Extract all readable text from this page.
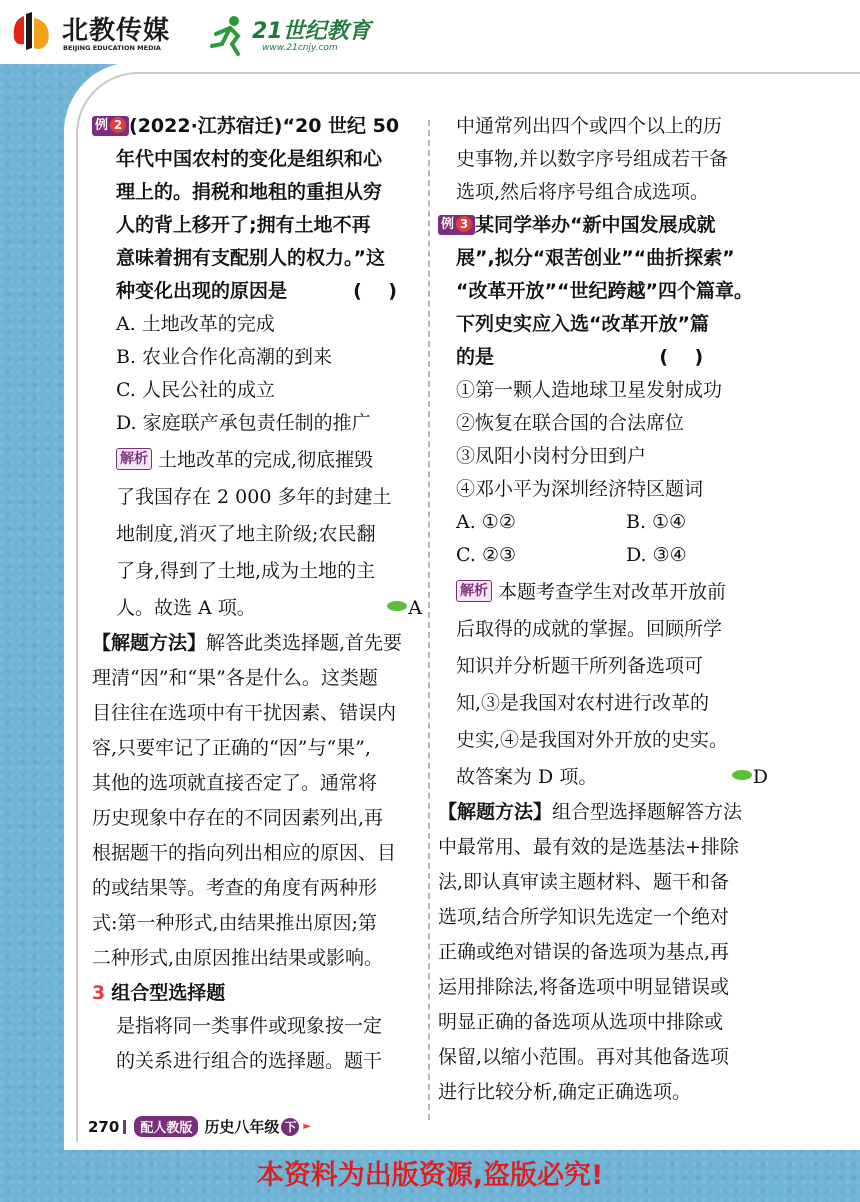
北教传媒
BEIJING EDUCATION MEDIA
21世纪教育
www.21cnjy.com

例 2 (2022·江苏宿迁)“20 世纪 50

年代中国农村的变化是组织和心

理上的。捐税和地租的重担从穷

人的背上移开了;拥有土地不再

意味着拥有支配别人的权力。”这

种变化出现的原因是          (    )

A. 土地改革的完成

B. 农业合作化高潮的到来

C. 人民公社的成立

D. 家庭联产承包责任制的推广

解析 土地改革的完成,彻底摧毁

了我国存在 2 000 多年的封建土

地制度,消灭了地主阶级;农民翻

了身,得到了土地,成为土地的主

人。故选 A 项。	A

【解题方法】解答此类选择题,首先要

理清“因”和“果”各是什么。这类题

目往往在选项中有干扰因素、错误内

容,只要牢记了正确的“因”与“果”,

其他的选项就直接否定了。通常将

历史现象中存在的不同因素列出,再

根据题干的指向列出相应的原因、目

的或结果等。考查的角度有两种形

式:第一种形式,由结果推出原因;第

二种形式,由原因推出结果或影响。

3 组合型选择题

是指将同一类事件或现象按一定

的关系进行组合的选择题。题干

中通常列出四个或四个以上的历

史事物,并以数字序号组成若干备

选项,然后将序号组合成选项。

例 3 某同学举办“新中国发展成就

展”,拟分“艰苦创业”“曲折探索”

“改革开放”“世纪跨越”四个篇章。

下列史实应入选“改革开放”篇

的是                         (    )

①第一颗人造地球卫星发射成功

②恢复在联合国的合法席位

③凤阳小岗村分田到户

④邓小平为深圳经济特区题词

A. ①②	B. ①④

C. ②③	D. ③④

解析 本题考查学生对改革开放前

后取得的成就的掌握。回顾所学

知识并分析题干所列备选项可

知,③是我国对农村进行改革的

史实,④是我国对外开放的史实。

故答案为 D 项。	D

【解题方法】组合型选择题解答方法

中最常用、最有效的是选基法+排除

法,即认真审读主题材料、题干和备

选项,结合所学知识先选定一个绝对

正确或绝对错误的备选项为基点,再

运用排除法,将备选项中明显错误或

明显正确的备选项从选项中排除或

保留,以缩小范围。再对其他备选项

进行比较分析,确定正确选项。

270	配人教版 历史八年级 下 ►
本资料为出版资源,盗版必究!
